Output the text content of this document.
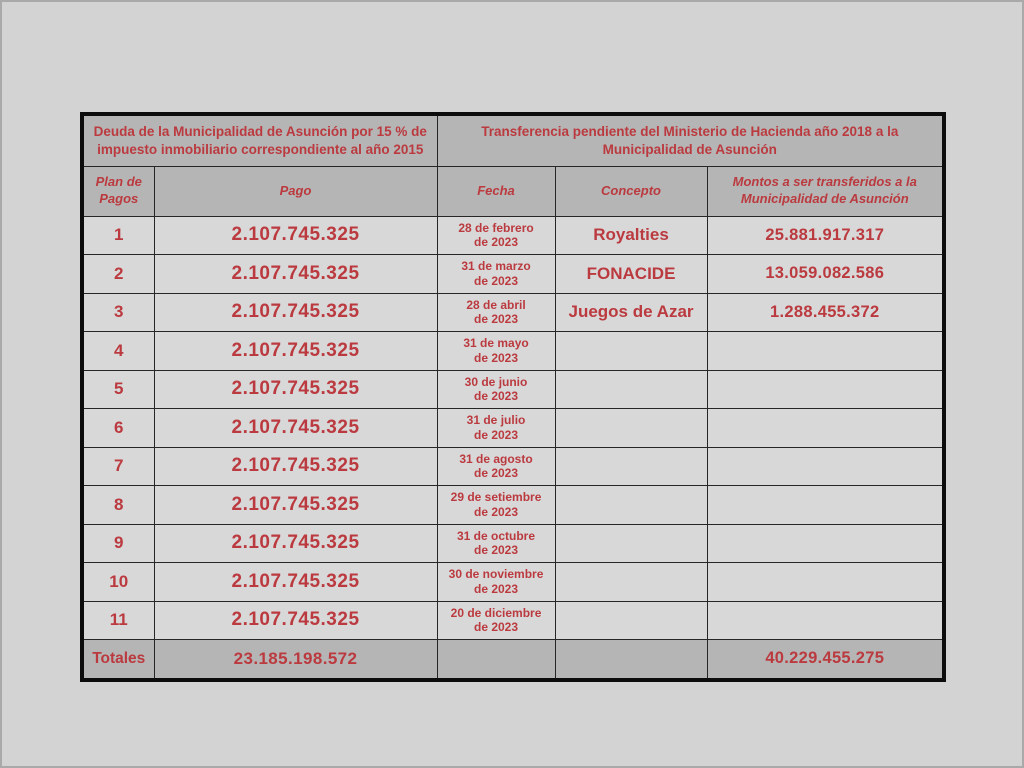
Deuda de la Municipalidad de Asunción por 15 % de impuesto inmobiliario correspondiente al año 2015		Transferencia pendiente del Ministerio de Hacienda año 2018 a la Municipalidad de Asunción		
Plan de Pagos	Pago	Fecha	Concepto	Montos a ser transferidos a la Municipalidad de Asunción
1	2.107.745.325	28 de febrero
de 2023	Royalties	25.881.917.317
2	2.107.745.325	31 de marzo
de 2023	FONACIDE	13.059.082.586
3	2.107.745.325	28 de abril
de 2023	Juegos de Azar	1.288.455.372
4	2.107.745.325	31 de mayo
de 2023		

5	2.107.745.325	30 de junio
de 2023		

6	2.107.745.325	31 de julio
de 2023		

7	2.107.745.325	31 de agosto
de 2023		

8	2.107.745.325	29 de setiembre
de 2023		

9	2.107.745.325	31 de octubre
de 2023		

10	2.107.745.325	30 de noviembre
de 2023		

11	2.107.745.325	20 de diciembre
de 2023		

Totales	23.185.198.572			40.229.455.275
